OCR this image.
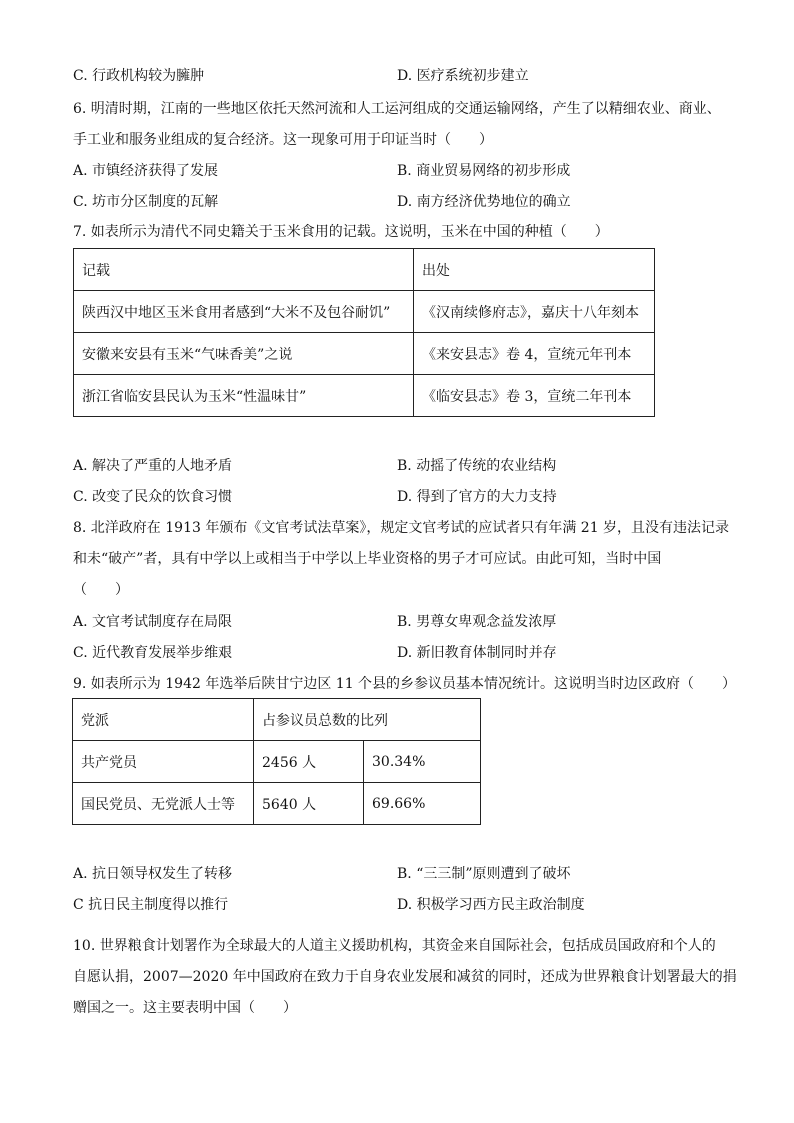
C. 行政机构较为臃肿	D. 医疗系统初步建立
6. 明清时期，江南的一些地区依托天然河流和人工运河组成的交通运输网络，产生了以精细农业、商业、
手工业和服务业组成的复合经济。这一现象可用于印证当时（　　）
A. 市镇经济获得了发展	B. 商业贸易网络的初步形成
C. 坊市分区制度的瓦解	D. 南方经济优势地位的确立
7. 如表所示为清代不同史籍关于玉米食用的记载。这说明，玉米在中国的种植（　　）
记载	出处
陕西汉中地区玉米食用者感到“大米不及包谷耐饥”	《汉南续修府志》，嘉庆十八年刻本
安徽来安县有玉米“气味香美”之说	《来安县志》卷 4，宣统元年刊本
浙江省临安县民认为玉米“性温味甘”	《临安县志》卷 3，宣统二年刊本
A. 解决了严重的人地矛盾	B. 动摇了传统的农业结构
C. 改变了民众的饮食习惯	D. 得到了官方的大力支持
8. 北洋政府在 1913 年颁布《文官考试法草案》，规定文官考试的应试者只有年满 21 岁，且没有违法记录
和未“破产”者，具有中学以上或相当于中学以上毕业资格的男子才可应试。由此可知，当时中国
（　　）
A. 文官考试制度存在局限	B. 男尊女卑观念益发浓厚
C. 近代教育发展举步维艰	D. 新旧教育体制同时并存
9. 如表所示为 1942 年选举后陕甘宁边区 11 个县的乡参议员基本情况统计。这说明当时边区政府（　　）
党派	占参议员总数的比列	
共产党员	2456 人	30.34%
国民党员、无党派人士等	5640 人	69.66%
A. 抗日领导权发生了转移	B. “三三制”原则遭到了破坏
C 抗日民主制度得以推行	D. 积极学习西方民主政治制度
10. 世界粮食计划署作为全球最大的人道主义援助机构，其资金来自国际社会，包括成员国政府和个人的
自愿认捐，2007—2020 年中国政府在致力于自身农业发展和减贫的同时，还成为世界粮食计划署最大的捐
赠国之一。这主要表明中国（　　）
